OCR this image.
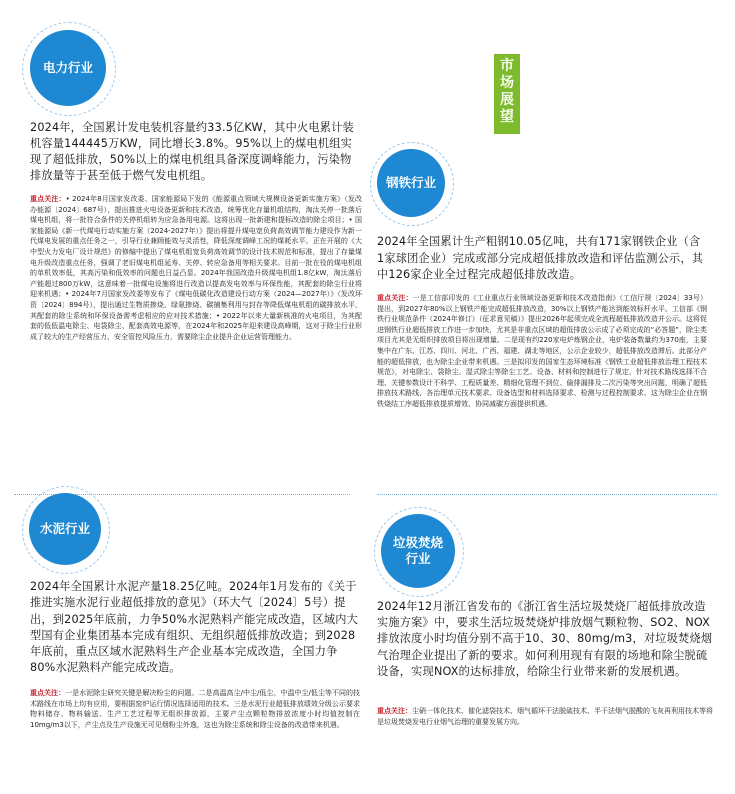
市
场
展
望
电力行业
2024年，全国累计发电装机容量约33.5亿KW，其中火电累计装机容量144445万KW，同比增长3.8%。95%以上的煤电机组实现了超低排放，50%以上的煤电机组具备深度调峰能力，污染物排放量等于甚至低于燃气发电机组。
重点关注：• 2024年8月国家发改委、国家能源局下发的《能源重点领域大规模设备更新实施方案》（发改办能源〔2024〕687号），提出推进火电设备更新和技术改造，统筹优化存量机组结构，淘汰关停一批落后煤电机组，将一批符合条件的关停机组转为应急备用电源。这将出现一批新建和提标改造的除尘项目；• 国家能源局《新一代煤电行动实施方案（2024-2027年）》提出将提升煤电宽负荷高效调节能力建设作为新一代煤电发展的重点任务之一，引导行业兼顾能效与灵活性，降低深度调峰工况的煤耗水平。正在开展的《大中型火力发电厂设计规范》的修编中提出了煤电机组宽负荷高效调节的设计技术规范和标准，提出了存量煤电升级改造重点任务，强调了老旧煤电机组延寿、关停、转应急备用等相关要求。目前一批在役的煤电机组的单机效率低，其高污染和低效率的问题也日益凸显。2024年我国改造升级煤电机组1.8亿kW，淘汰落后产能超过800万kW，这意味着一批煤电设施将进行改造以提高发电效率与环保性能，其配套的除尘行业将迎来机遇；• 2024年7月国家发改委等发布了《煤电低碳化改造建设行动方案（2024—2027年）》（发改环资〔2024〕894号），提出通过生物质掺烧、绿氨掺烧、碳捕集利用与封存等降低煤电机组的碳排放水平，其配套的除尘系统和环保设备需考虑相应的应对技术措施；• 2022年以来大量新核准的火电项目，为其配套的低低温电除尘、电袋除尘、配套高效电源等，在2024年和2025年迎来建设高峰期，这对于除尘行业形成了较大的生产经营压力、安全管控风险压力，需要除尘企业提升企业运营管理能力。
钢铁行业
2024年全国累计生产粗钢10.05亿吨，共有171家钢铁企业（含1家球团企业）完成或部分完成超低排放改造和评估监测公示，其中126家企业全过程完成超低排放改造。
重点关注：一是工信部印发的《工业重点行业领域设备更新和技术改造指南》（工信厅规〔2024〕33号）提出，到2027年80%以上钢铁产能完成超低排放改造，30%以上钢铁产能达到能效标杆水平。工信部《钢铁行业规范条件（2024年修订）（征求意见稿）》提出2026年起须完成全流程超低排放改造并公示。这将促进钢铁行业超低排放工作进一步加快，尤其是非重点区域的超低排放公示成了必须完成的“必答题”，除尘类项目尤其是无组织排放项目将出现增量。二是现有约220家电炉炼钢企业，电炉装备数量约为370座，主要集中在广东、江苏、四川、河北、广西、福建、湖北等地区，公示企业较少，超低排放改造滞后。此部分产能的超低排放，也为除尘企业带来机遇。三是拟印发的国家生态环境标准《钢铁工业超低排放治理工程技术规范》，对电除尘、袋除尘、湿式除尘等除尘工艺、设备、材料和控制进行了规定，针对技术路线选择不合理、关键参数设计不科学、工程质量差、精细化管理不到位、偷排漏排及二次污染等突出问题，明确了超低排放技术路线、各治理单元技术要求、设备选型和材料选择要求、检测与过程控制要求。这为除尘企业在钢铁烧结工序超低排放提质增效、协同减碳方面提供机遇。
水泥行业
2024年全国累计水泥产量18.25亿吨。2024年1月发布的《关于推进实施水泥行业超低排放的意见》（环大气〔2024〕5号）提出，到2025年底前，力争50%水泥熟料产能完成改造，区域内大型国有企业集团基本完成有组织、无组织超低排放改造；到2028年底前，重点区域水泥熟料生产企业基本完成改造，全国力争80%水泥熟料产能完成改造。
重点关注：一是水泥除尘研究关键是解决粉尘的问题。二是高温高尘/中尘/低尘、中温中尘/低尘等不同的技术路线在市场上均有应用，要根据窑炉运行情况选择适用的技术。三是水泥行业超低排放绩效分级公示要求物料储存、物料输送、生产工艺过程等无组织排放源，主要产尘点颗粒物排放浓度小时均值控制在10mg/m3以下，产尘点及生产设施无可见烟粉尘外逸，这也为除尘系统和除尘设备的改造带来机遇。
垃圾焚烧
行业
2024年12月浙江省发布的《浙江省生活垃圾焚烧厂超低排放改造实施方案》中，要求生活垃圾焚烧炉排放烟气颗粒物、SO2、NOX排放浓度小时均值分别不高于10、30、80mg/m3，对垃圾焚烧烟气治理企业提出了新的要求。如何利用现有有限的场地和除尘脱硫设备，实现NOX的达标排放，给除尘行业带来新的发展机遇。
重点关注：尘硝一体化技术、催化滤袋技术、烟气循环干法脱硫技术、半干法烟气脱酸的飞灰再利用技术等将是垃圾焚烧发电行业烟气治理的重要发展方向。
